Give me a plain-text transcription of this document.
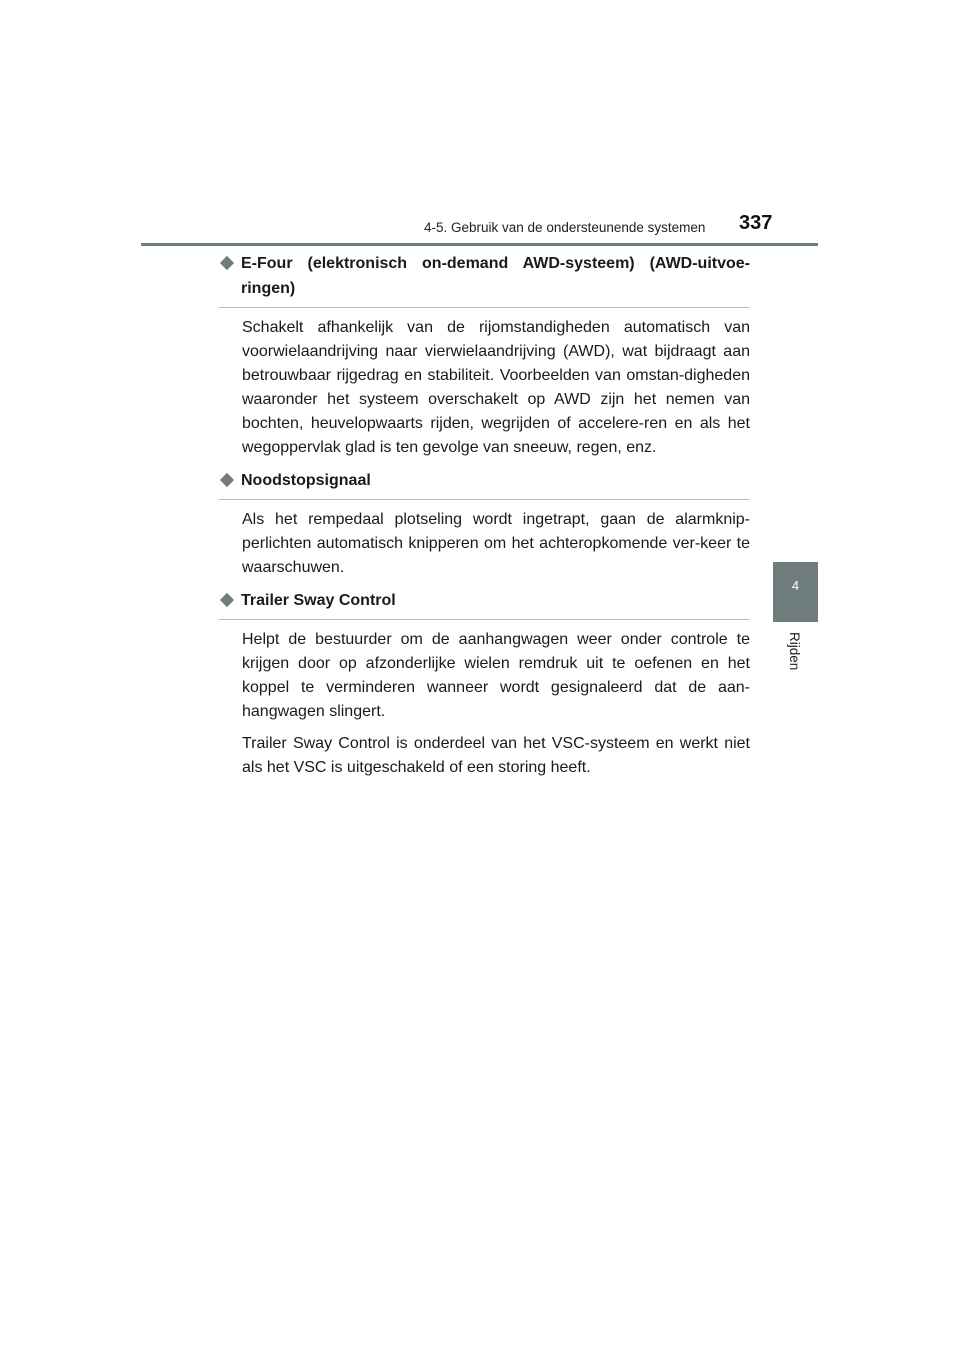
4-5. Gebruik van de ondersteunende systemen 337
4
Rijden
E-Four (elektronisch on-demand AWD-systeem) (AWD-uitvoe-ringen)

Schakelt afhankelijk van de rijomstandigheden automatisch van voorwielaandrijving naar vierwielaandrijving (AWD), wat bijdraagt aan betrouwbaar rijgedrag en stabiliteit. Voorbeelden van omstan-digheden waaronder het systeem overschakelt op AWD zijn het nemen van bochten, heuvelopwaarts rijden, wegrijden of accelere-ren en als het wegoppervlak glad is ten gevolge van sneeuw, regen, enz.

Noodstopsignaal

Als het rempedaal plotseling wordt ingetrapt, gaan de alarmknip-perlichten automatisch knipperen om het achteropkomende ver-keer te waarschuwen.

Trailer Sway Control

Helpt de bestuurder om de aanhangwagen weer onder controle te krijgen door op afzonderlijke wielen remdruk uit te oefenen en het koppel te verminderen wanneer wordt gesignaleerd dat de aan-hangwagen slingert.

Trailer Sway Control is onderdeel van het VSC-systeem en werkt niet als het VSC is uitgeschakeld of een storing heeft.
